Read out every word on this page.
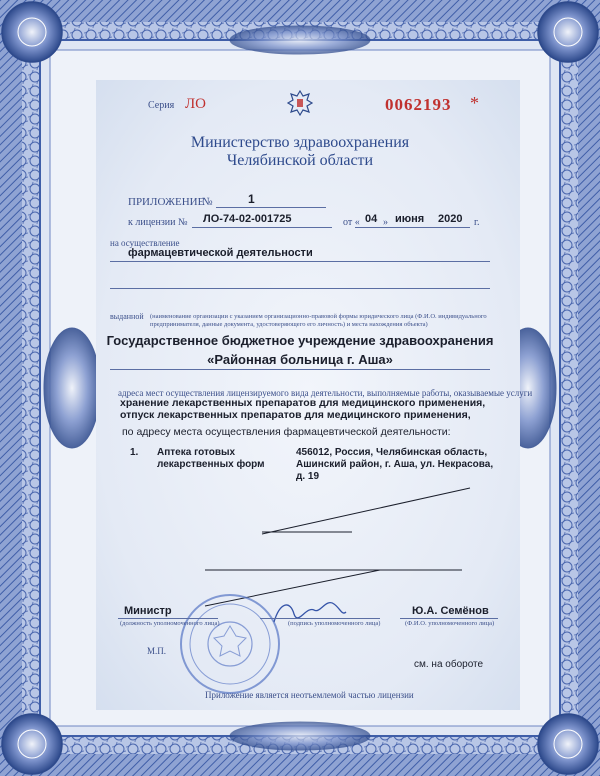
Серия ЛО	0062193 *
Министерство здравоохранения
Челябинской области
ПРИЛОЖЕНИЕ
№	1
к лицензии № ЛО-74-02-001725	от « 04 » июня 2020 г.
на осуществление
фармацевтической деятельности
выданной (наименование организации с указанием организационно-правовой формы юридического лица (Ф.И.О. индивидуального предпринимателя, данные документа, удостоверяющего его личность) и места нахождения объекта)
Государственное бюджетное учреждение здравоохранения
«Районная больница г. Аша»
адреса мест осуществления лицензируемого вида деятельности, выполняемые работы, оказываемые услуги
хранение лекарственных препаратов для медицинского применения,
отпуск лекарственных препаратов для медицинского применения,
по адресу места осуществления фармацевтической деятельности:
1. Аптека готовых лекарственных форм
456012, Россия, Челябинская область, Ашинский район, г. Аша, ул. Некрасова, д. 19
Министр
(должность уполномоченного лица)	(подпись уполномоченного лица)
Ю.А. Семёнов
(Ф.И.О. уполномоченного лица)
М.П.
см. на обороте
Приложение является неотъемлемой частью лицензии
